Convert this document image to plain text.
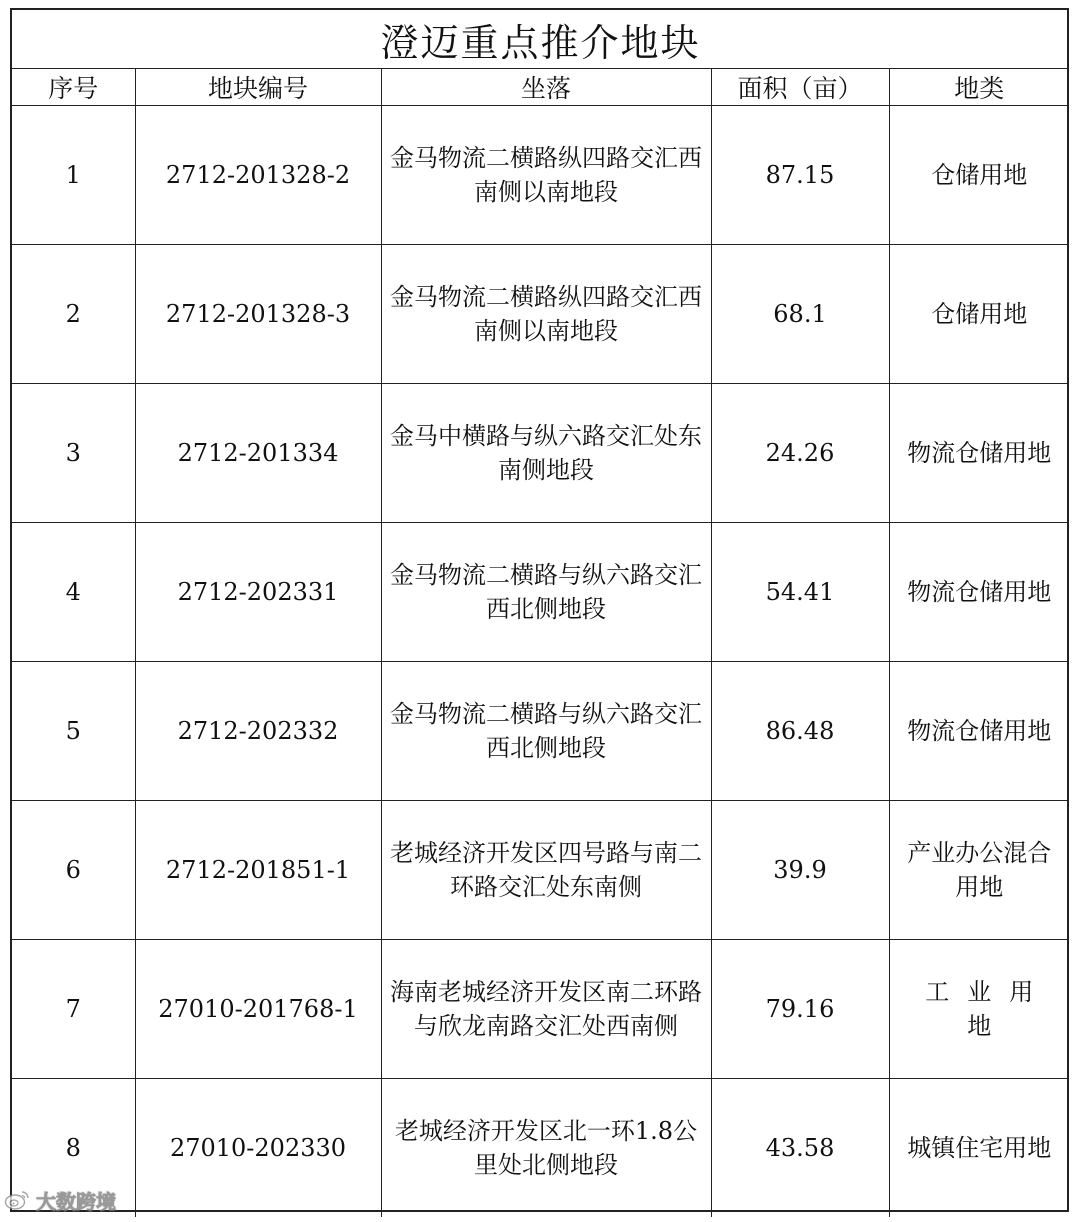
澄迈重点推介地块				
序号	地块编号	坐落	面积（亩）	地类
1	2712-201328-2	金马物流二横路纵四路交汇西南侧以南地段	87.15	仓储用地
2	2712-201328-3	金马物流二横路纵四路交汇西南侧以南地段	68.1	仓储用地
3	2712-201334	金马中横路与纵六路交汇处东南侧地段	24.26	物流仓储用地
4	2712-202331	金马物流二横路与纵六路交汇西北侧地段	54.41	物流仓储用地
5	2712-202332	金马物流二横路与纵六路交汇西北侧地段	86.48	物流仓储用地
6	2712-201851-1	老城经济开发区四号路与南二环路交汇处东南侧	39.9	产业办公混合用地
7	27010-201768-1	海南老城经济开发区南二环路与欣龙南路交汇处西南侧	79.16	工业用地
8	27010-202330	老城经济开发区北一环1.8公里处北侧地段	43.58	城镇住宅用地
大数跨境
